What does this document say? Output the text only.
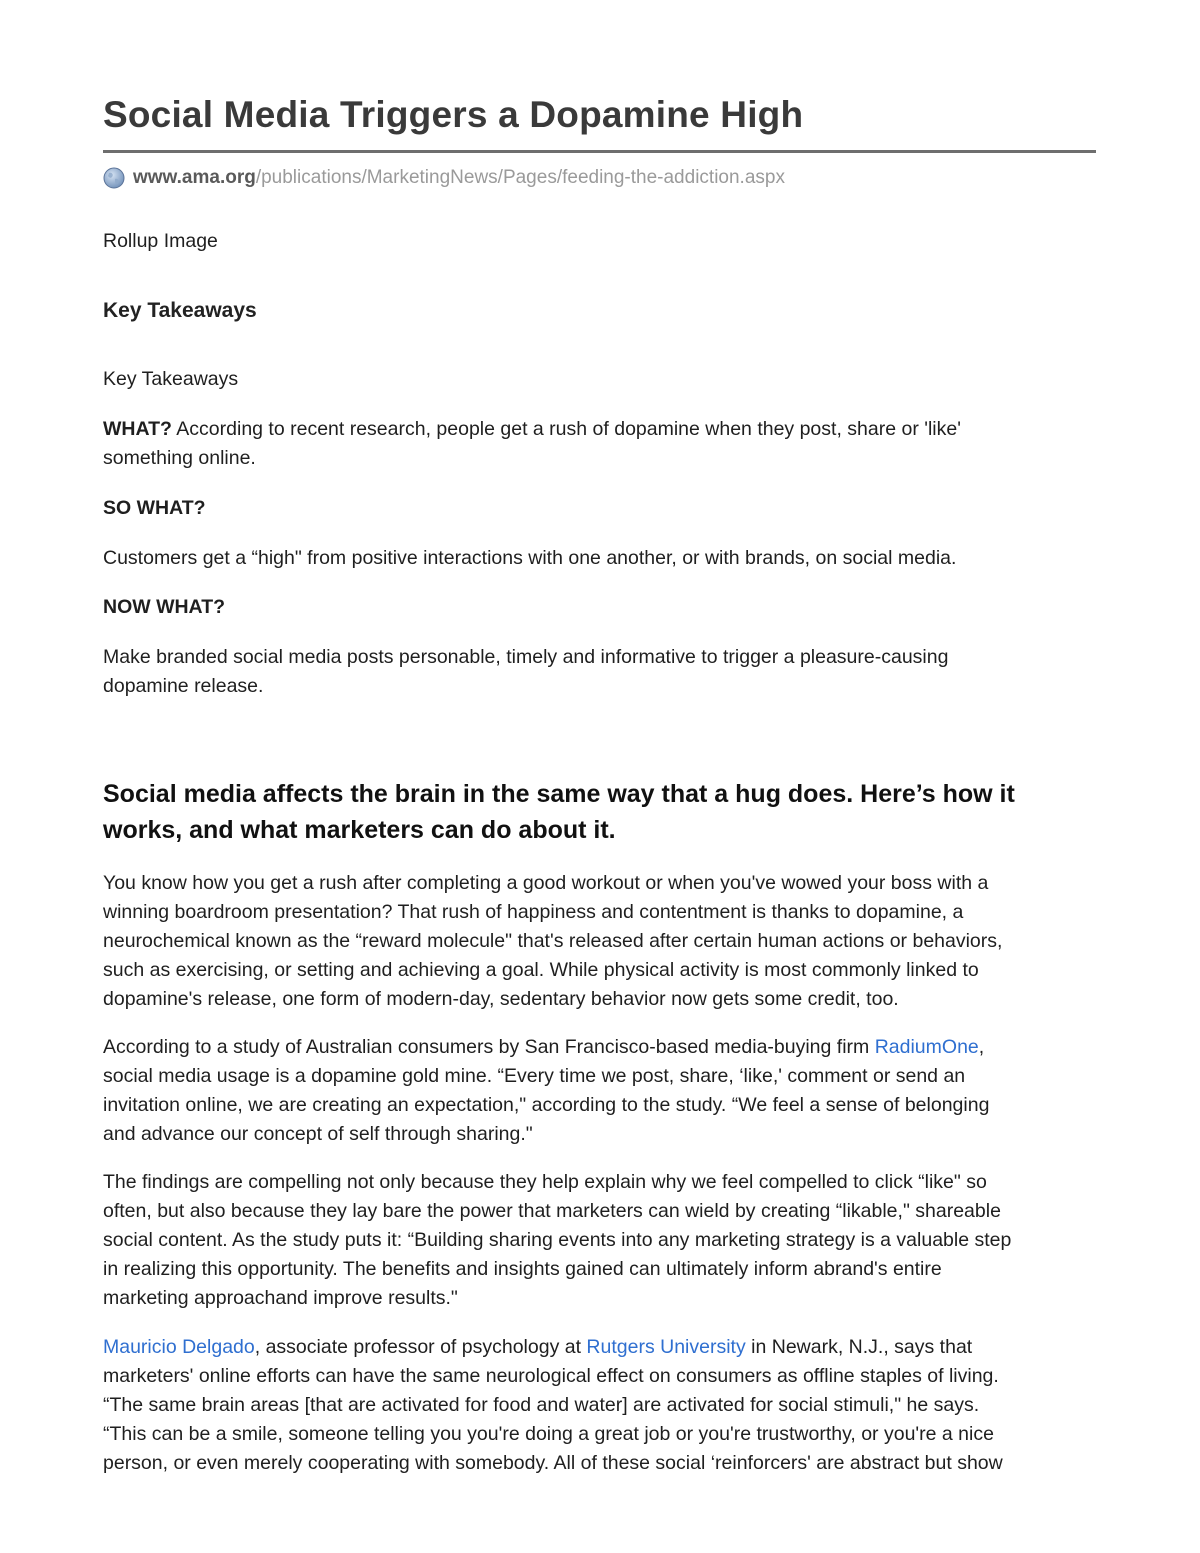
Social Media Triggers a Dopamine High
www.ama.org /publications/MarketingNews/Pages/feeding-the-addiction.aspx
Rollup Image
Key Takeaways
Key Takeaways
WHAT? According to recent research, people get a rush of dopamine when they post, share or 'like'
something online.
SO WHAT?
Customers get a “high" from positive interactions with one another, or with brands, on social media.
NOW WHAT?
Make branded social media posts personable, timely and informative to trigger a pleasure-causing
dopamine release.
Social media affects the brain in the same way that a hug does. Here’s how it
works, and what marketers can do about it.
You know how you get a rush after completing a good workout or when you've wowed your boss with a
winning boardroom presentation? That rush of happiness and contentment is thanks to dopamine, a
neurochemical known as the “reward molecule" that's released after certain human actions or behaviors,
such as exercising, or setting and achieving a goal. While physical activity is most commonly linked to
dopamine's release, one form of modern-day, sedentary behavior now gets some credit, too.
According to a study of Australian consumers by San Francisco-based media-buying firm RadiumOne,
social media usage is a dopamine gold mine. “Every time we post, share, ‘like,' comment or send an
invitation online, we are creating an expectation," according to the study. “We feel a sense of belonging
and advance our concept of self through sharing."
The findings are compelling not only because they help explain why we feel compelled to click “like" so
often, but also because they lay bare the power that marketers can wield by creating “likable," shareable
social content. As the study puts it: “Building sharing events into any marketing strategy is a valuable step
in realizing this opportunity. The benefits and insights gained can ultimately inform abrand's entire
marketing approachand improve results."
Mauricio Delgado, associate professor of psychology at Rutgers University in Newark, N.J., says that
marketers' online efforts can have the same neurological effect on consumers as offline staples of living.
“The same brain areas [that are activated for food and water] are activated for social stimuli," he says.
“This can be a smile, someone telling you you're doing a great job or you're trustworthy, or you're a nice
person, or even merely cooperating with somebody. All of these social ‘reinforcers' are abstract but show
